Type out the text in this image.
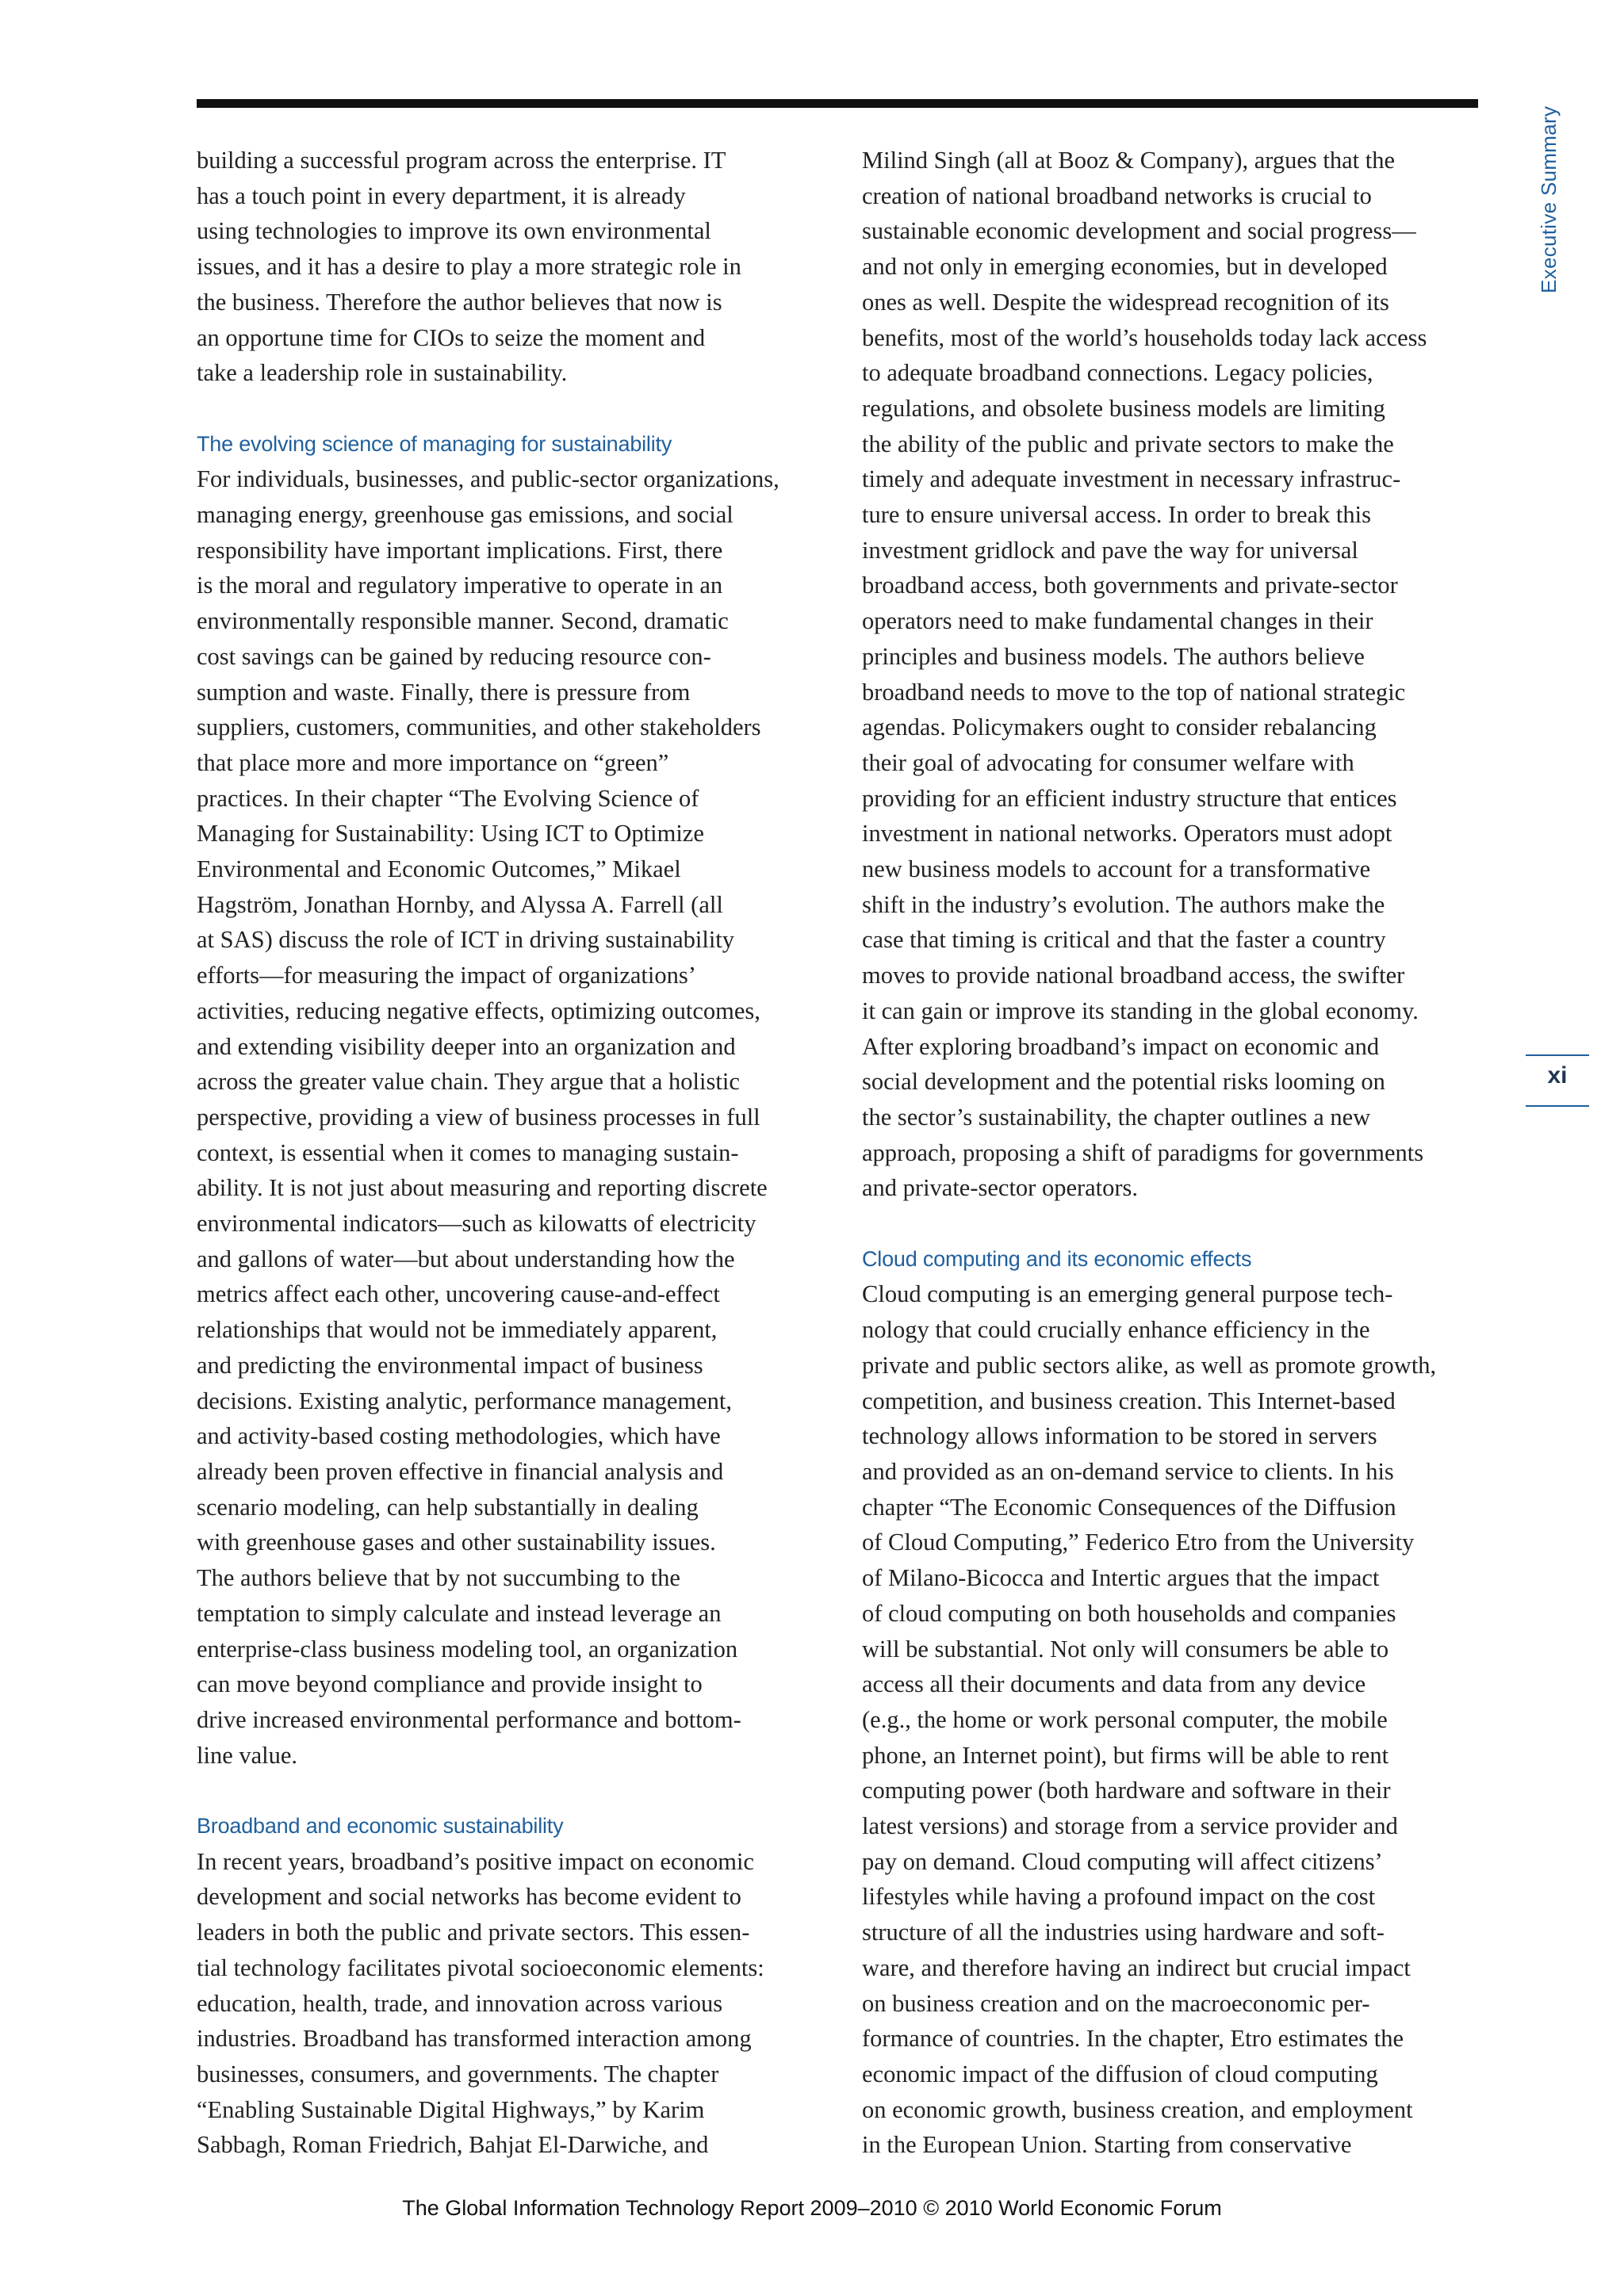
building a successful program across the enterprise. IT
has a touch point in every department, it is already
using technologies to improve its own environmental
issues, and it has a desire to play a more strategic role in
the business. Therefore the author believes that now is
an opportune time for CIOs to seize the moment and
take a leadership role in sustainability.
The evolving science of managing for sustainability
For individuals, businesses, and public-sector organizations,
managing energy, greenhouse gas emissions, and social
responsibility have important implications. First, there
is the moral and regulatory imperative to operate in an
environmentally responsible manner. Second, dramatic
cost savings can be gained by reducing resource con-
sumption and waste. Finally, there is pressure from
suppliers, customers, communities, and other stakeholders
that place more and more importance on “green”
practices. In their chapter “The Evolving Science of
Managing for Sustainability: Using ICT to Optimize
Environmental and Economic Outcomes,” Mikael
Hagström, Jonathan Hornby, and Alyssa A. Farrell (all
at SAS) discuss the role of ICT in driving sustainability
efforts—for measuring the impact of organizations’
activities, reducing negative effects, optimizing outcomes,
and extending visibility deeper into an organization and
across the greater value chain. They argue that a holistic
perspective, providing a view of business processes in full
context, is essential when it comes to managing sustain-
ability. It is not just about measuring and reporting discrete
environmental indicators—such as kilowatts of electricity
and gallons of water—but about understanding how the
metrics affect each other, uncovering cause-and-effect
relationships that would not be immediately apparent,
and predicting the environmental impact of business
decisions. Existing analytic, performance management,
and activity-based costing methodologies, which have
already been proven effective in financial analysis and
scenario modeling, can help substantially in dealing
with greenhouse gases and other sustainability issues.
The authors believe that by not succumbing to the
temptation to simply calculate and instead leverage an
enterprise-class business modeling tool, an organization
can move beyond compliance and provide insight to
drive increased environmental performance and bottom-
line value.
Broadband and economic sustainability
In recent years, broadband’s positive impact on economic
development and social networks has become evident to
leaders in both the public and private sectors. This essen-
tial technology facilitates pivotal socioeconomic elements:
education, health, trade, and innovation across various
industries. Broadband has transformed interaction among
businesses, consumers, and governments. The chapter
“Enabling Sustainable Digital Highways,” by Karim
Sabbagh, Roman Friedrich, Bahjat El-Darwiche, and
Milind Singh (all at Booz & Company), argues that the
creation of national broadband networks is crucial to
sustainable economic development and social progress—
and not only in emerging economies, but in developed
ones as well. Despite the widespread recognition of its
benefits, most of the world’s households today lack access
to adequate broadband connections. Legacy policies,
regulations, and obsolete business models are limiting
the ability of the public and private sectors to make the
timely and adequate investment in necessary infrastruc-
ture to ensure universal access. In order to break this
investment gridlock and pave the way for universal
broadband access, both governments and private-sector
operators need to make fundamental changes in their
principles and business models. The authors believe
broadband needs to move to the top of national strategic
agendas. Policymakers ought to consider rebalancing
their goal of advocating for consumer welfare with
providing for an efficient industry structure that entices
investment in national networks. Operators must adopt
new business models to account for a transformative
shift in the industry’s evolution. The authors make the
case that timing is critical and that the faster a country
moves to provide national broadband access, the swifter
it can gain or improve its standing in the global economy.
After exploring broadband’s impact on economic and
social development and the potential risks looming on
the sector’s sustainability, the chapter outlines a new
approach, proposing a shift of paradigms for governments
and private-sector operators.
Cloud computing and its economic effects
Cloud computing is an emerging general purpose tech-
nology that could crucially enhance efficiency in the
private and public sectors alike, as well as promote growth,
competition, and business creation. This Internet-based
technology allows information to be stored in servers
and provided as an on-demand service to clients. In his
chapter “The Economic Consequences of the Diffusion
of Cloud Computing,” Federico Etro from the University
of Milano-Bicocca and Intertic argues that the impact
of cloud computing on both households and companies
will be substantial. Not only will consumers be able to
access all their documents and data from any device
(e.g., the home or work personal computer, the mobile
phone, an Internet point), but firms will be able to rent
computing power (both hardware and software in their
latest versions) and storage from a service provider and
pay on demand. Cloud computing will affect citizens’
lifestyles while having a profound impact on the cost
structure of all the industries using hardware and soft-
ware, and therefore having an indirect but crucial impact
on business creation and on the macroeconomic per-
formance of countries. In the chapter, Etro estimates the
economic impact of the diffusion of cloud computing
on economic growth, business creation, and employment
in the European Union. Starting from conservative
Executive Summary
xi
The Global Information Technology Report 2009–2010 © 2010 World Economic Forum
